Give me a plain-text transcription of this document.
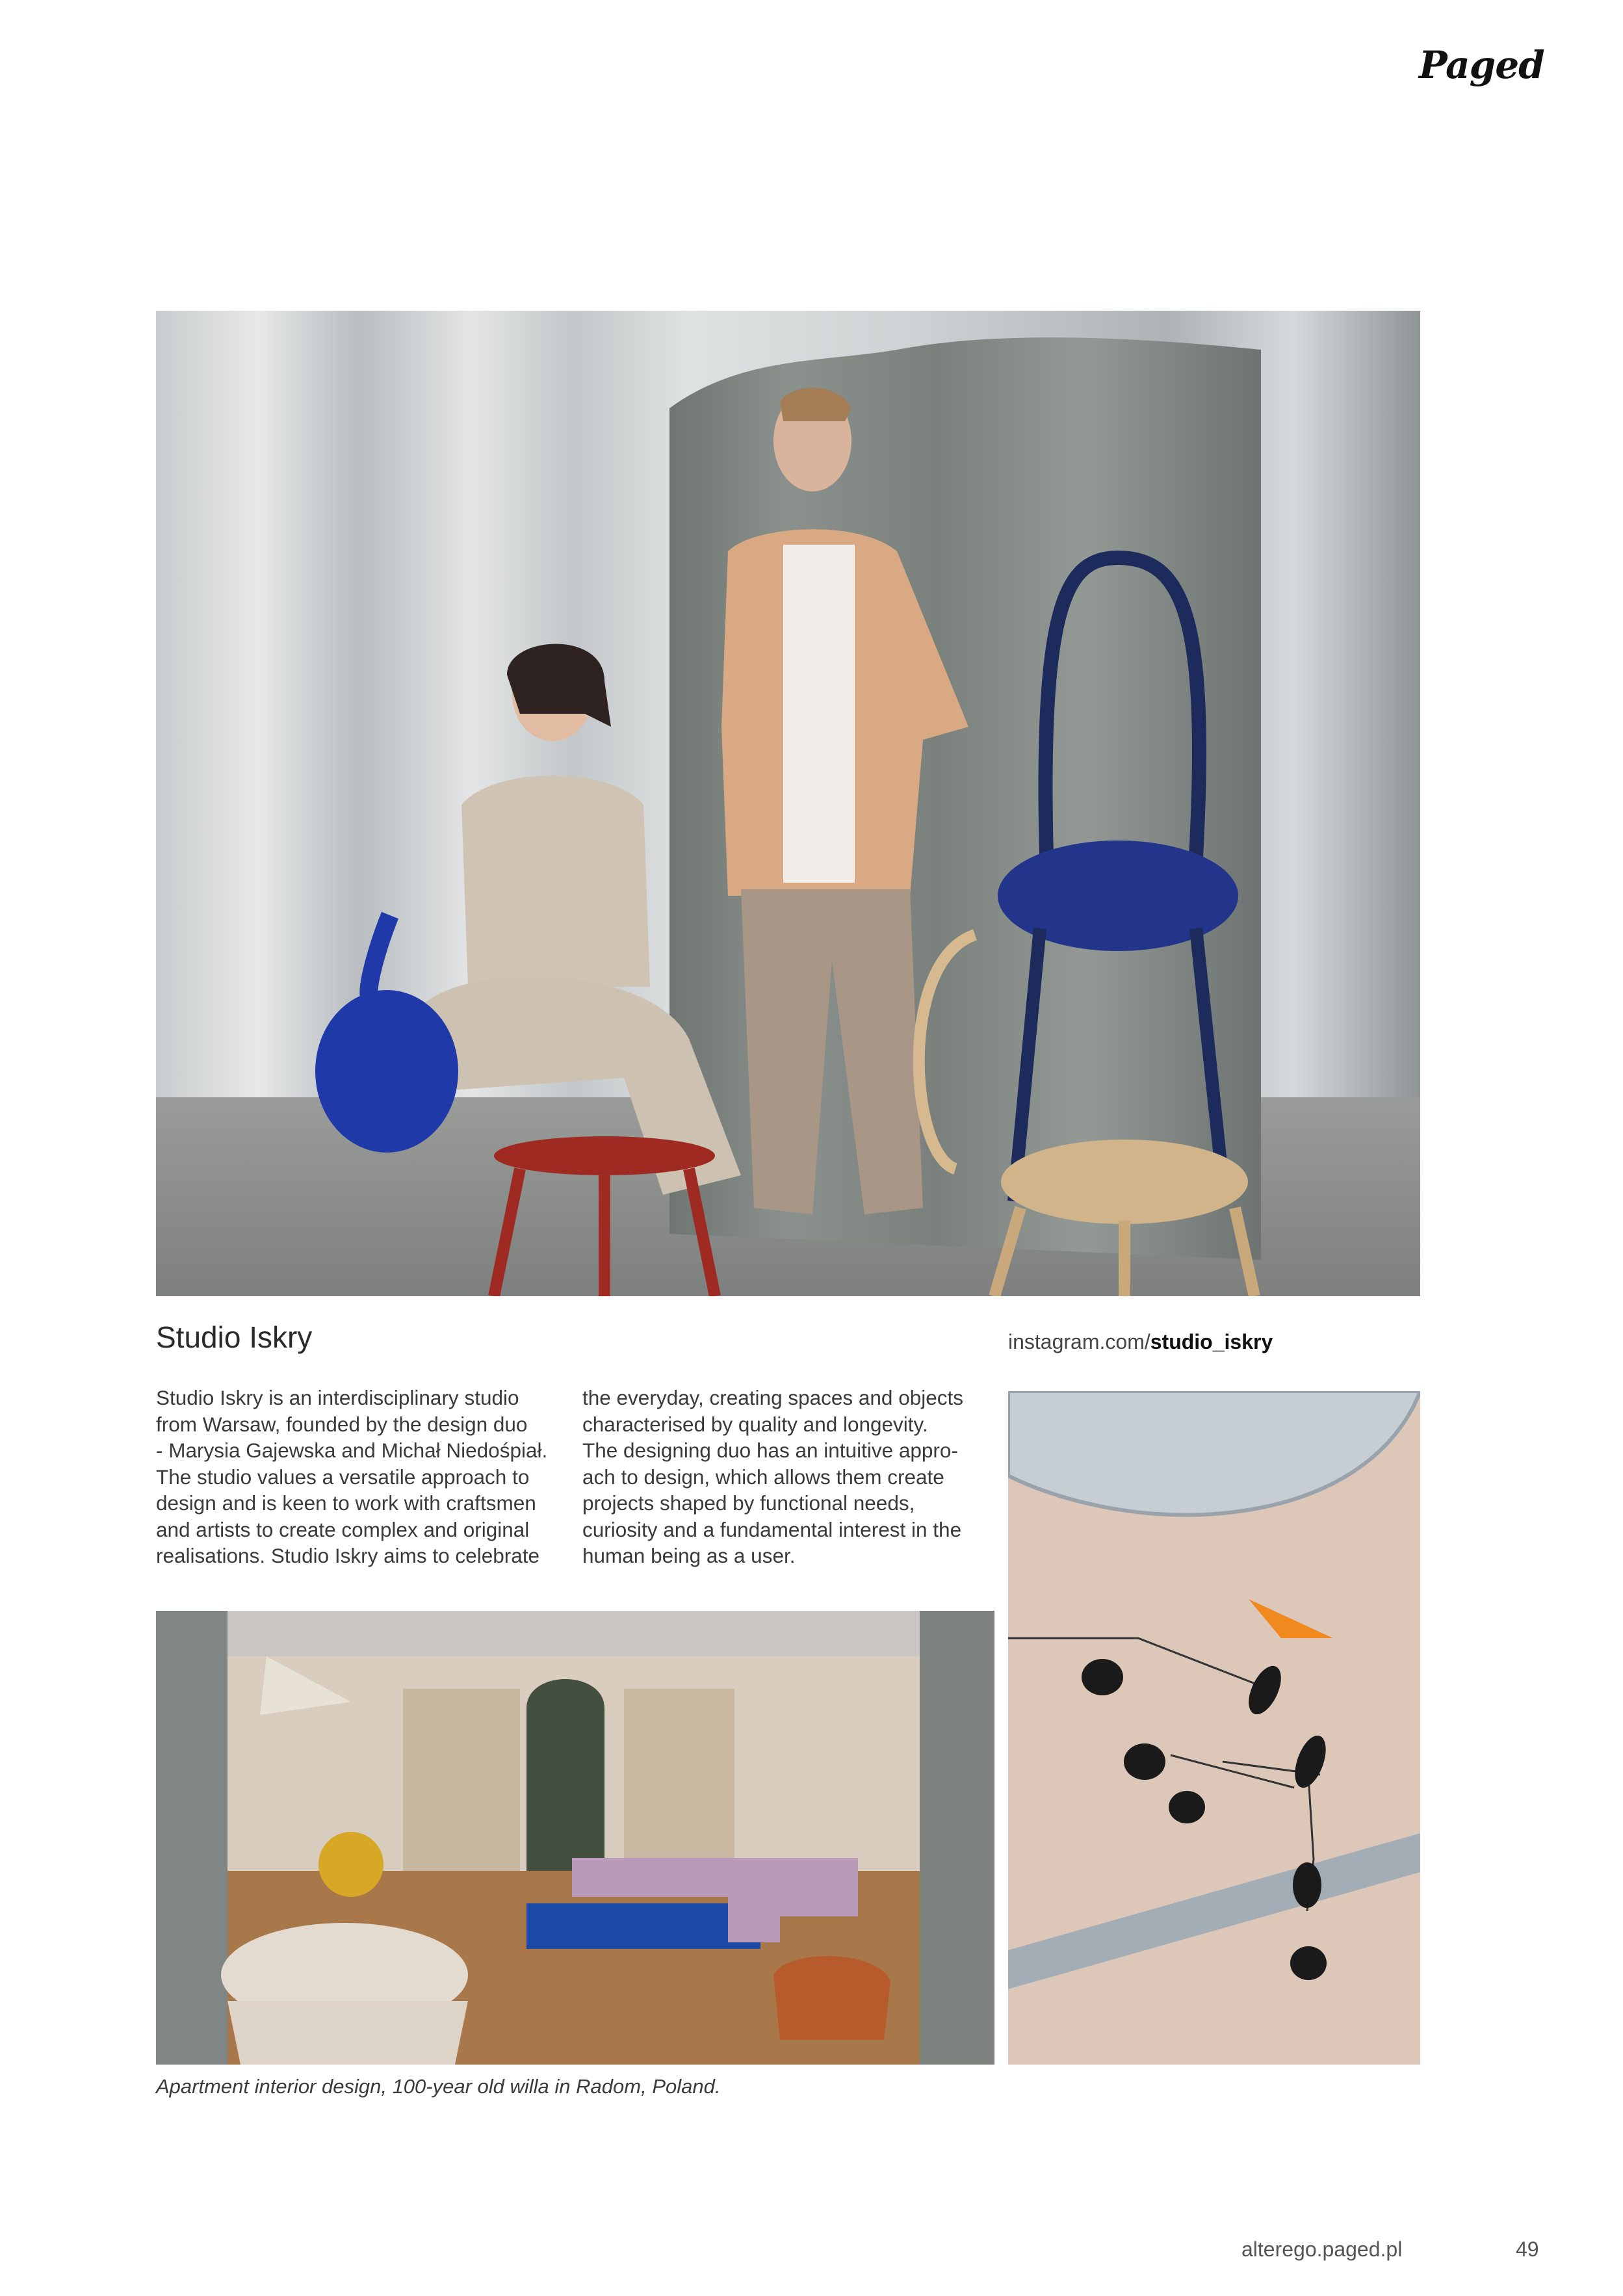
Paged
Studio Iskry	instagram.com/studio_iskry
Studio Iskry is an interdisciplinary studio
from Warsaw, founded by the design duo
- Marysia Gajewska and Michał Niedośpiał.
The studio values a versatile approach to
design and is keen to work with craftsmen
and artists to create complex and original
realisations. Studio Iskry aims to celebrate
the everyday, creating spaces and objects
characterised by quality and longevity.
The designing duo has an intuitive appro-
ach to design, which allows them create
projects shaped by functional needs,
curiosity and a fundamental interest in the
human being as a user.
Apartment interior design, 100-year old willa in Radom, Poland.
alterego.paged.pl	49
